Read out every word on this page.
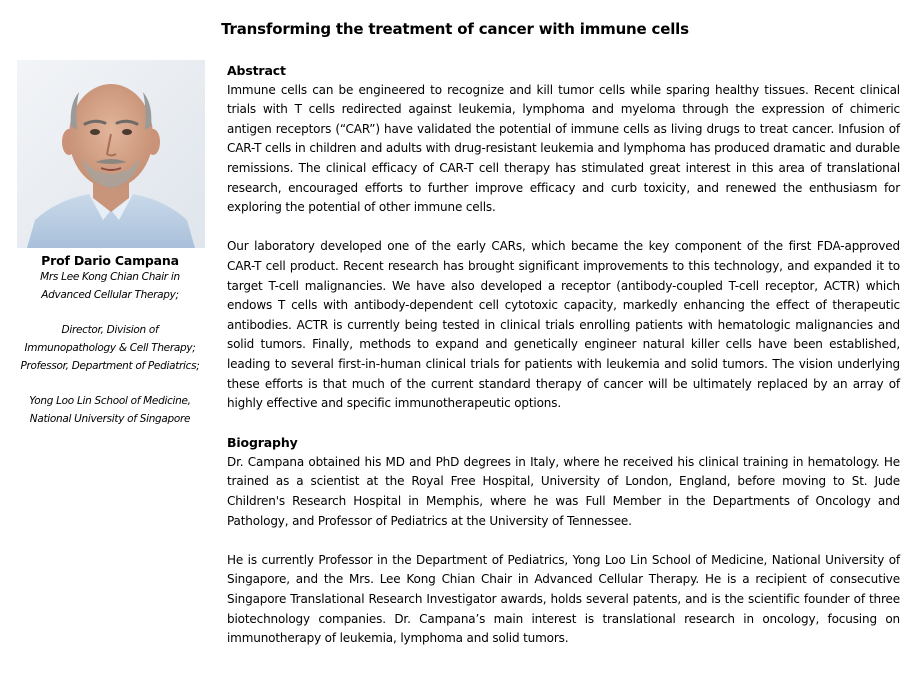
Transforming the treatment of cancer with immune cells
Prof Dario Campana
Mrs Lee Kong Chian Chair in
Advanced Cellular Therapy;
Director, Division of
Immunopathology & Cell Therapy;
Professor, Department of Pediatrics;
Yong Loo Lin School of Medicine,
National University of Singapore
Abstract

Immune cells can be engineered to recognize and kill tumor cells while sparing healthy tissues. Recent clinical trials with T cells redirected against leukemia, lymphoma and myeloma through the expression of chimeric antigen receptors (“CAR”) have validated the potential of immune cells as living drugs to treat cancer. Infusion of CAR-T cells in children and adults with drug-resistant leukemia and lymphoma has produced dramatic and durable remissions. The clinical efficacy of CAR-T cell therapy has stimulated great interest in this area of translational research, encouraged efforts to further improve efficacy and curb toxicity, and renewed the enthusiasm for exploring the potential of other immune cells.

Our laboratory developed one of the early CARs, which became the key component of the first FDA-approved CAR-T cell product. Recent research has brought significant improvements to this technology, and expanded it to target T-cell malignancies. We have also developed a receptor (antibody-coupled T-cell receptor, ACTR) which endows T cells with antibody-dependent cell cytotoxic capacity, markedly enhancing the effect of therapeutic antibodies. ACTR is currently being tested in clinical trials enrolling patients with hematologic malignancies and solid tumors. Finally, methods to expand and genetically engineer natural killer cells have been established, leading to several first-in-human clinical trials for patients with leukemia and solid tumors. The vision underlying these efforts is that much of the current standard therapy of cancer will be ultimately replaced by an array of highly effective and specific immunotherapeutic options.

Biography

Dr. Campana obtained his MD and PhD degrees in Italy, where he received his clinical training in hematology. He trained as a scientist at the Royal Free Hospital, University of London, England, before moving to St. Jude Children's Research Hospital in Memphis, where he was Full Member in the Departments of Oncology and Pathology, and Professor of Pediatrics at the University of Tennessee.

He is currently Professor in the Department of Pediatrics, Yong Loo Lin School of Medicine, National University of Singapore, and the Mrs. Lee Kong Chian Chair in Advanced Cellular Therapy. He is a recipient of consecutive Singapore Translational Research Investigator awards, holds several patents, and is the scientific founder of three biotechnology companies. Dr. Campana’s main interest is translational research in oncology, focusing on immunotherapy of leukemia, lymphoma and solid tumors.
